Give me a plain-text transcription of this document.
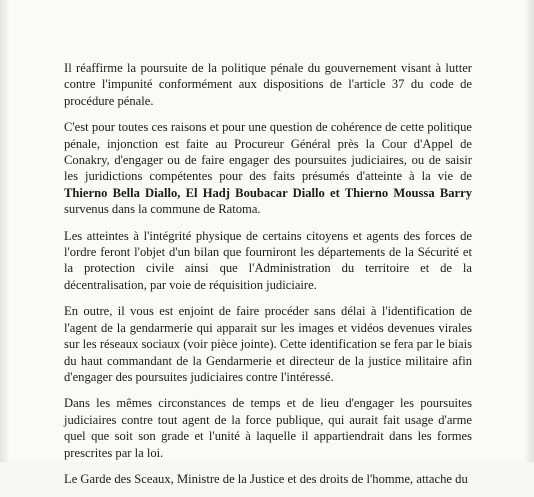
Il réaffirme la poursuite de la politique pénale du gouvernement visant à lutter contre l'impunité conformément aux dispositions de l'article 37 du code de procédure pénale.

C'est pour toutes ces raisons et pour une question de cohérence de cette politique pénale, injonction est faite au Procureur Général près la Cour d'Appel de Conakry, d'engager ou de faire engager des poursuites judiciaires, ou de saisir les juridictions compétentes pour des faits présumés d'atteinte à la vie de Thierno Bella Diallo, El Hadj Boubacar Diallo et Thierno Moussa Barry survenus dans la commune de Ratoma.

Les atteintes à l'intégrité physique de certains citoyens et agents des forces de l'ordre feront l'objet d'un bilan que fourniront les départements de la Sécurité et la protection civile ainsi que l'Administration du territoire et de la décentralisation, par voie de réquisition judiciaire.

En outre, il vous est enjoint de faire procéder sans délai à l'identification de l'agent de la gendarmerie qui apparait sur les images et vidéos devenues virales sur les réseaux sociaux (voir pièce jointe). Cette identification se fera par le biais du haut commandant de la Gendarmerie et directeur de la justice militaire afin d'engager des poursuites judiciaires contre l'intéressé.

Dans les mêmes circonstances de temps et de lieu d'engager les poursuites judiciaires contre tout agent de la force publique, qui aurait fait usage d'arme quel que soit son grade et l'unité à laquelle il appartiendrait dans les formes prescrites par la loi.

Le Garde des Sceaux, Ministre de la Justice et des droits de l'homme, attache du
